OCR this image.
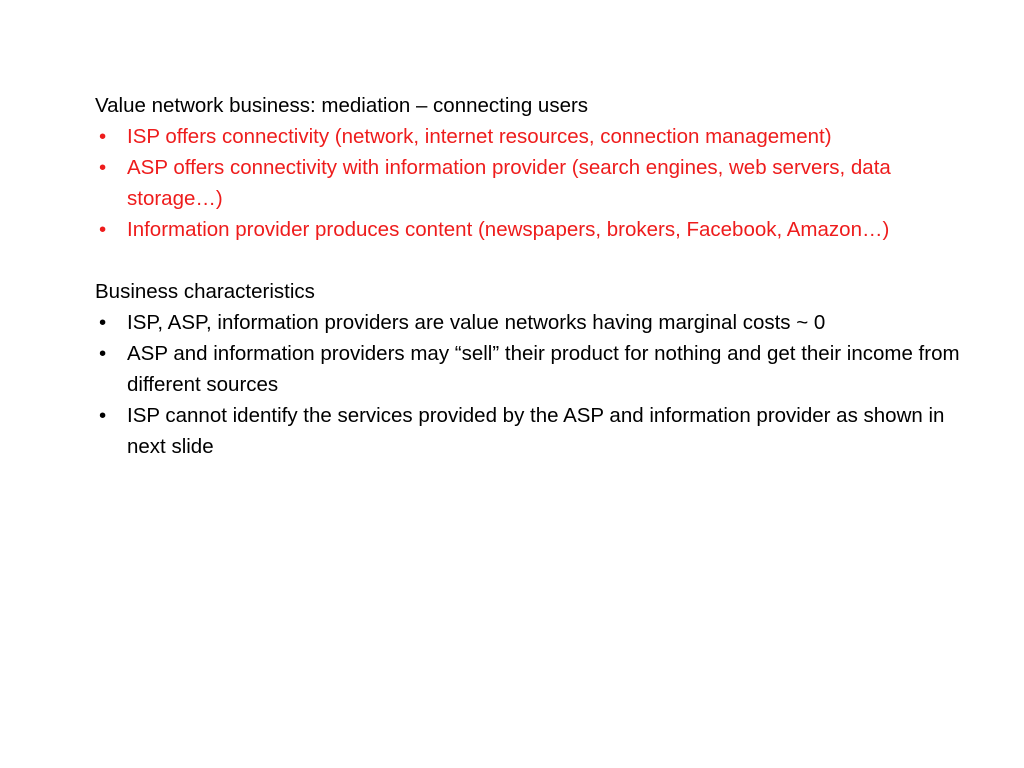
Value network business: mediation – connecting users

• ISP offers connectivity (network, internet resources, connection management)
• ASP offers connectivity with information provider (search engines, web servers, data storage…)
• Information provider produces content (newspapers, brokers, Facebook, Amazon…)

Business characteristics

• ISP, ASP, information providers are value networks having marginal costs ~ 0
• ASP and information providers may “sell” their product for nothing and get their income from different sources
• ISP cannot identify the services provided by the ASP and information provider as shown in next slide
